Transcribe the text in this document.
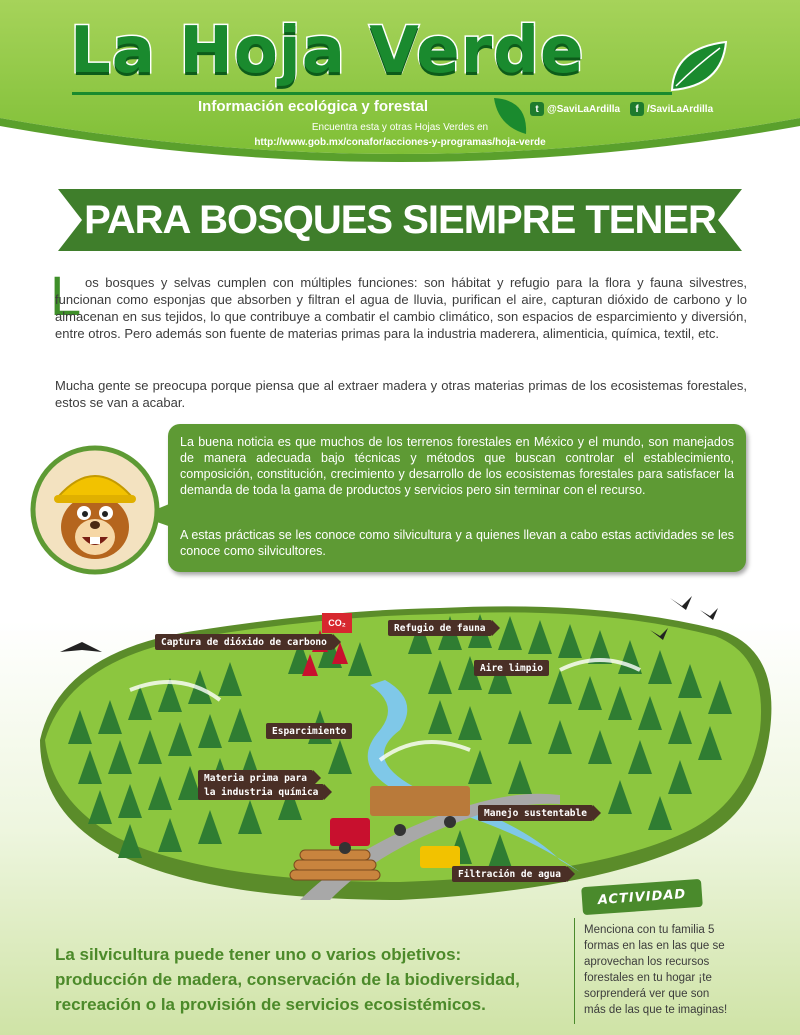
La Hoja Verde
Información ecológica y forestal	t @SaviLaArdilla	f /SaviLaArdilla
Encuentra esta y otras Hojas Verdes en
http://www.gob.mx/conafor/acciones-y-programas/hoja-verde
PARA BOSQUES SIEMPRE TENER
L os bosques y selvas cumplen con múltiples funciones: son hábitat y refugio para la flora y fauna silvestres, funcionan como esponjas que absorben y filtran el agua de lluvia, purifican el aire, capturan dióxido de carbono y lo almacenan en sus tejidos, lo que contribuye a combatir el cambio climático, son espacios de esparcimiento y diversión, entre otros. Pero además son fuente de materias primas para la industria maderera, alimenticia, química, textil, etc.
Mucha gente se preocupa porque piensa que al extraer madera y otras materias primas de los ecosistemas forestales, estos se van a acabar.
La buena noticia es que muchos de los terrenos forestales en México y el mundo, son manejados de manera adecuada bajo técnicas y métodos que buscan controlar el establecimiento, composición, constitución, crecimiento y desarrollo de los ecosistemas forestales para satisfacer la demanda de toda la gama de productos y servicios pero sin terminar con el recurso.
A estas prácticas se les conoce como silvicultura y a quienes llevan a cabo estas actividades se les conoce como silvicultores.
CO₂
Captura de dióxido de carbono
Refugio de fauna
Aire limpio
Esparcimiento
Materia prima para
la industria química
Manejo sustentable
Filtración de agua
La silvicultura puede tener uno o varios objetivos: producción de madera, conservación de la biodiversidad, recreación o la provisión de servicios ecosistémicos.
ACTIVIDAD
Menciona con tu familia 5 formas en las en las que se aprovechan los recursos forestales en tu hogar ¡te sorprenderá ver que son más de las que te imaginas!
